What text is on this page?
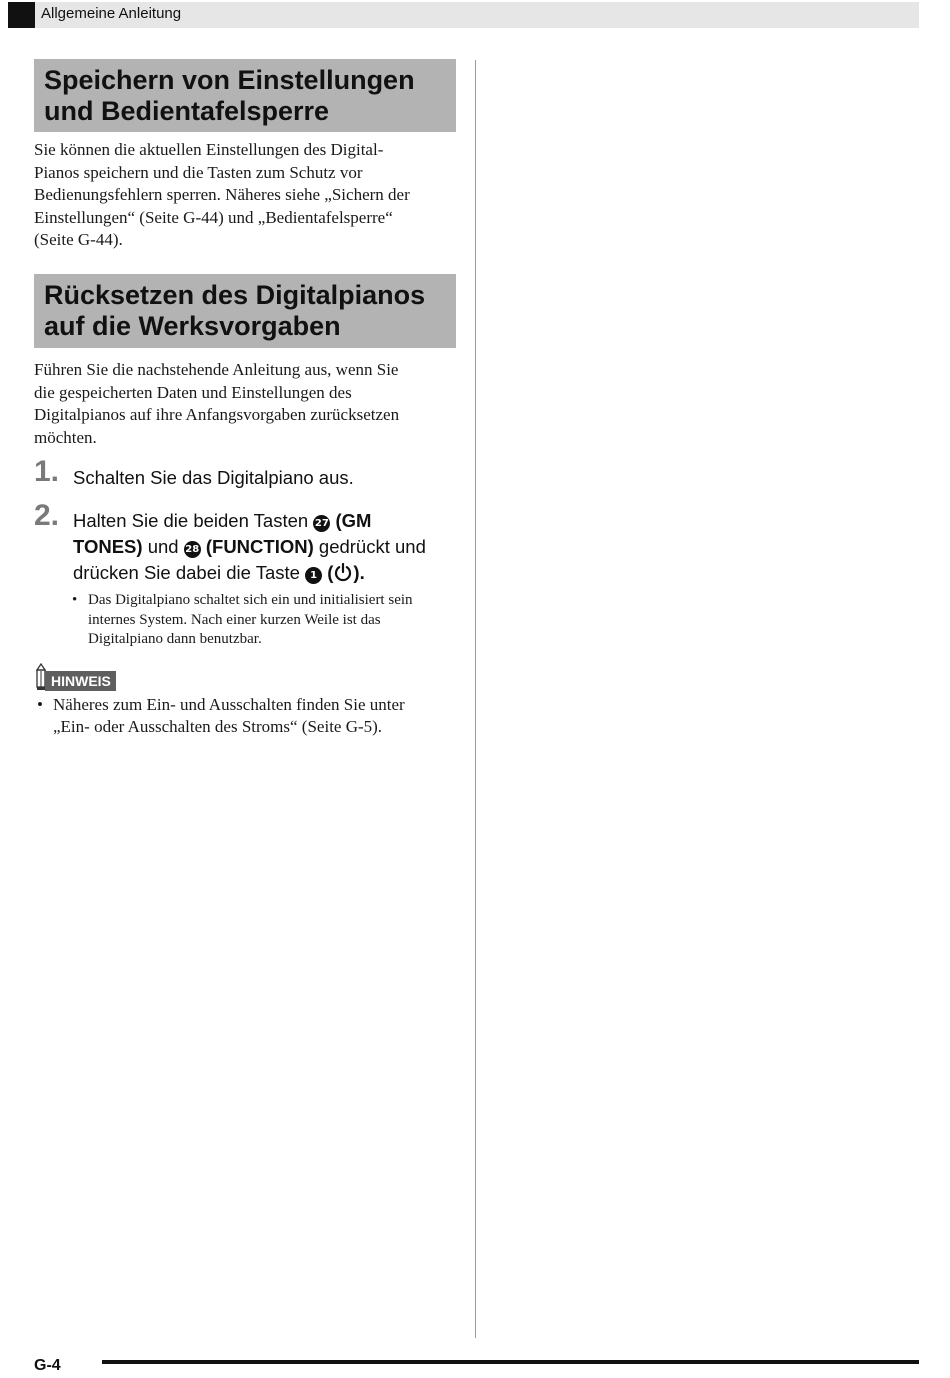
Allgemeine Anleitung
Speichern von Einstellungen
und Bedientafelsperre
Sie können die aktuellen Einstellungen des Digital-
Pianos speichern und die Tasten zum Schutz vor
Bedienungsfehlern sperren. Näheres siehe „Sichern der
Einstellungen“ (Seite G-44) und „Bedientafelsperre“
(Seite G-44).
Rücksetzen des Digitalpianos
auf die Werksvorgaben
Führen Sie die nachstehende Anleitung aus, wenn Sie
die gespeicherten Daten und Einstellungen des
Digitalpianos auf ihre Anfangsvorgaben zurücksetzen
möchten.
1. Schalten Sie das Digitalpiano aus.
2. Halten Sie die beiden Tasten 27 (GM
TONES) und 28 (FUNCTION) gedrückt und
drücken Sie dabei die Taste 1 ( ).
• Das Digitalpiano schaltet sich ein und initialisiert sein
internes System. Nach einer kurzen Weile ist das
Digitalpiano dann benutzbar.
HINWEIS
• Näheres zum Ein- und Ausschalten finden Sie unter
„Ein- oder Ausschalten des Stroms“ (Seite G-5).
G-4
